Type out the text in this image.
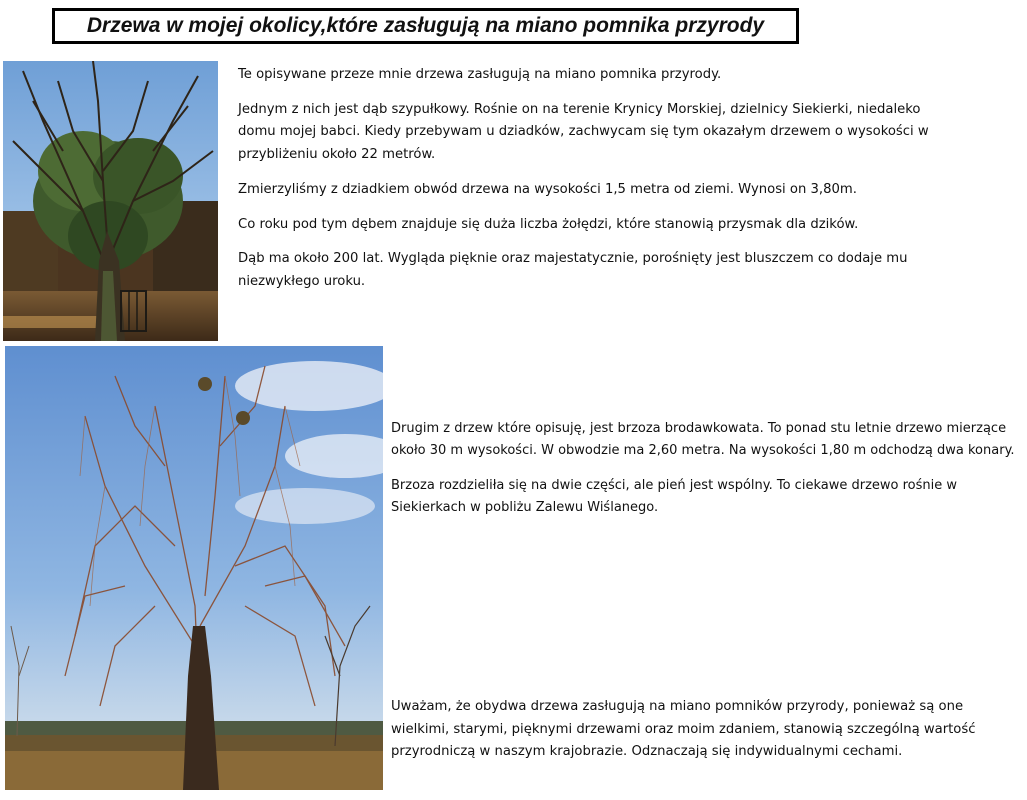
Drzewa w mojej okolicy,które zasługują na miano pomnika przyrody

Te opisywane przeze mnie drzewa zasługują na miano pomnika przyrody.

Jednym z nich jest dąb szypułkowy. Rośnie on na terenie Krynicy Morskiej, dzielnicy Siekierki, niedaleko domu mojej babci. Kiedy przebywam u dziadków, zachwycam się tym okazałym drzewem o wysokości w przybliżeniu około 22 metrów.

Zmierzyliśmy z dziadkiem obwód drzewa na wysokości 1,5 metra od ziemi. Wynosi on 3,80m.

Co roku pod tym dębem znajduje się duża liczba żołędzi, które stanowią przysmak dla dzików.

Dąb ma około 200 lat. Wygląda pięknie oraz majestatycznie, porośnięty jest bluszczem co dodaje mu niezwykłego uroku.

Drugim z drzew które opisuję, jest brzoza brodawkowata. To ponad stu letnie drzewo mierzące około 30 m wysokości. W obwodzie ma 2,60 metra. Na wysokości 1,80 m odchodzą dwa konary.

Brzoza rozdzieliła się na dwie części, ale pień jest wspólny. To ciekawe drzewo rośnie w Siekierkach w pobliżu Zalewu Wiślanego.

Uważam, że obydwa drzewa zasługują na miano pomników przyrody, ponieważ są one wielkimi, starymi, pięknymi drzewami oraz moim zdaniem, stanowią szczególną wartość przyrodniczą w naszym krajobrazie. Odznaczają się indywidualnymi cechami.
